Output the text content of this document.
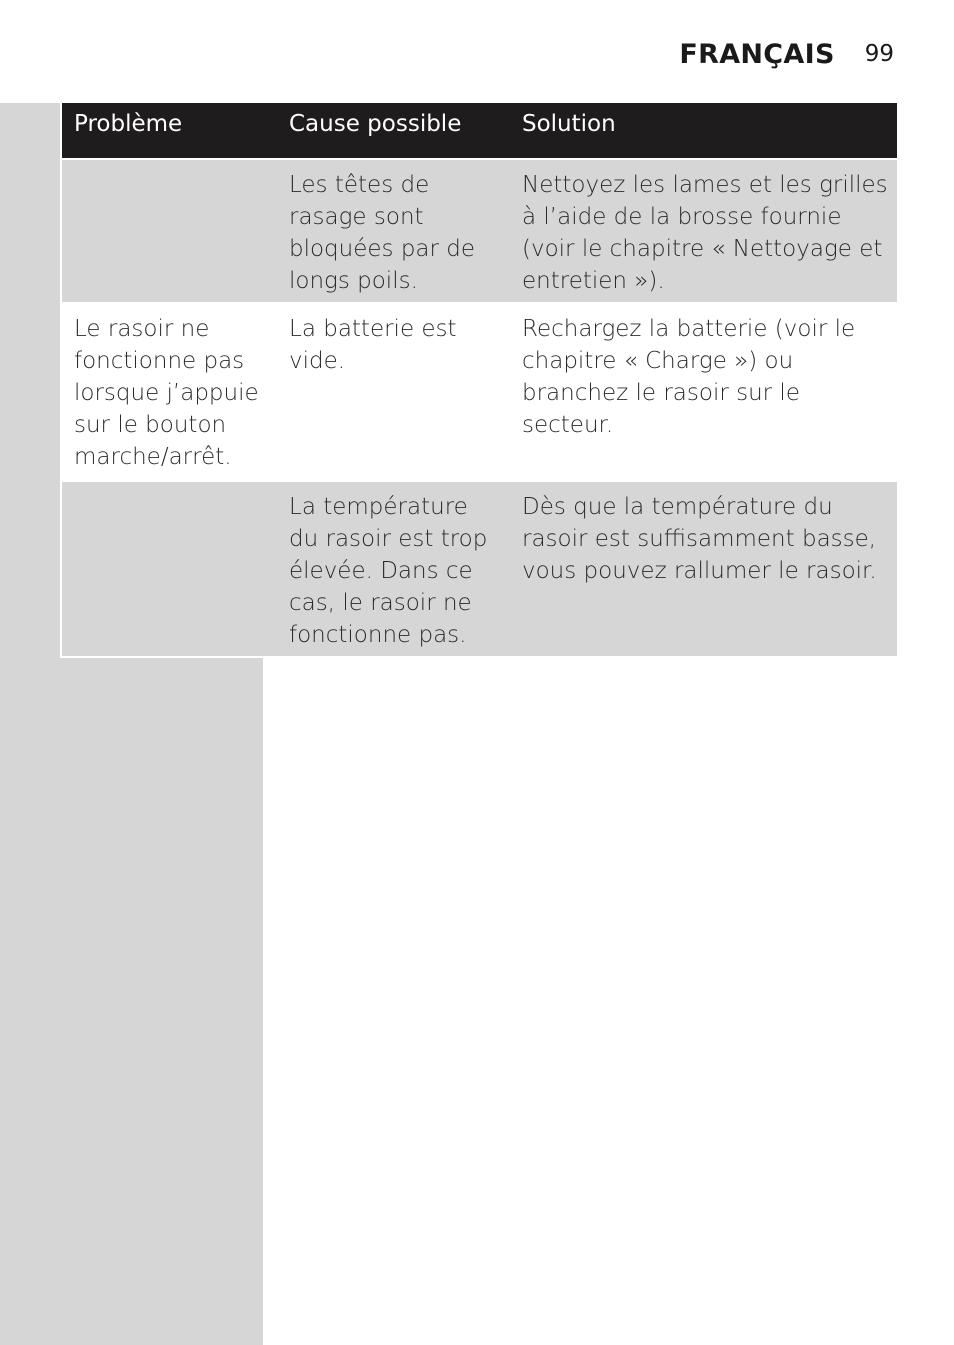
FRANÇAIS 99
Problème	Cause possible	Solution
Les têtes de rasage sont bloquées par de longs poils.
Nettoyez les lames et les grilles à l’aide de la brosse fournie (voir le chapitre « Nettoyage et entretien »).
Le rasoir ne fonctionne pas lorsque j’appuie sur le bouton marche/arrêt.
La batterie est vide.
Rechargez la batterie (voir le chapitre « Charge ») ou branchez le rasoir sur le secteur.
La température du rasoir est trop élevée. Dans ce cas, le rasoir ne fonctionne pas.
Dès que la température du rasoir est suffisamment basse, vous pouvez rallumer le rasoir.
